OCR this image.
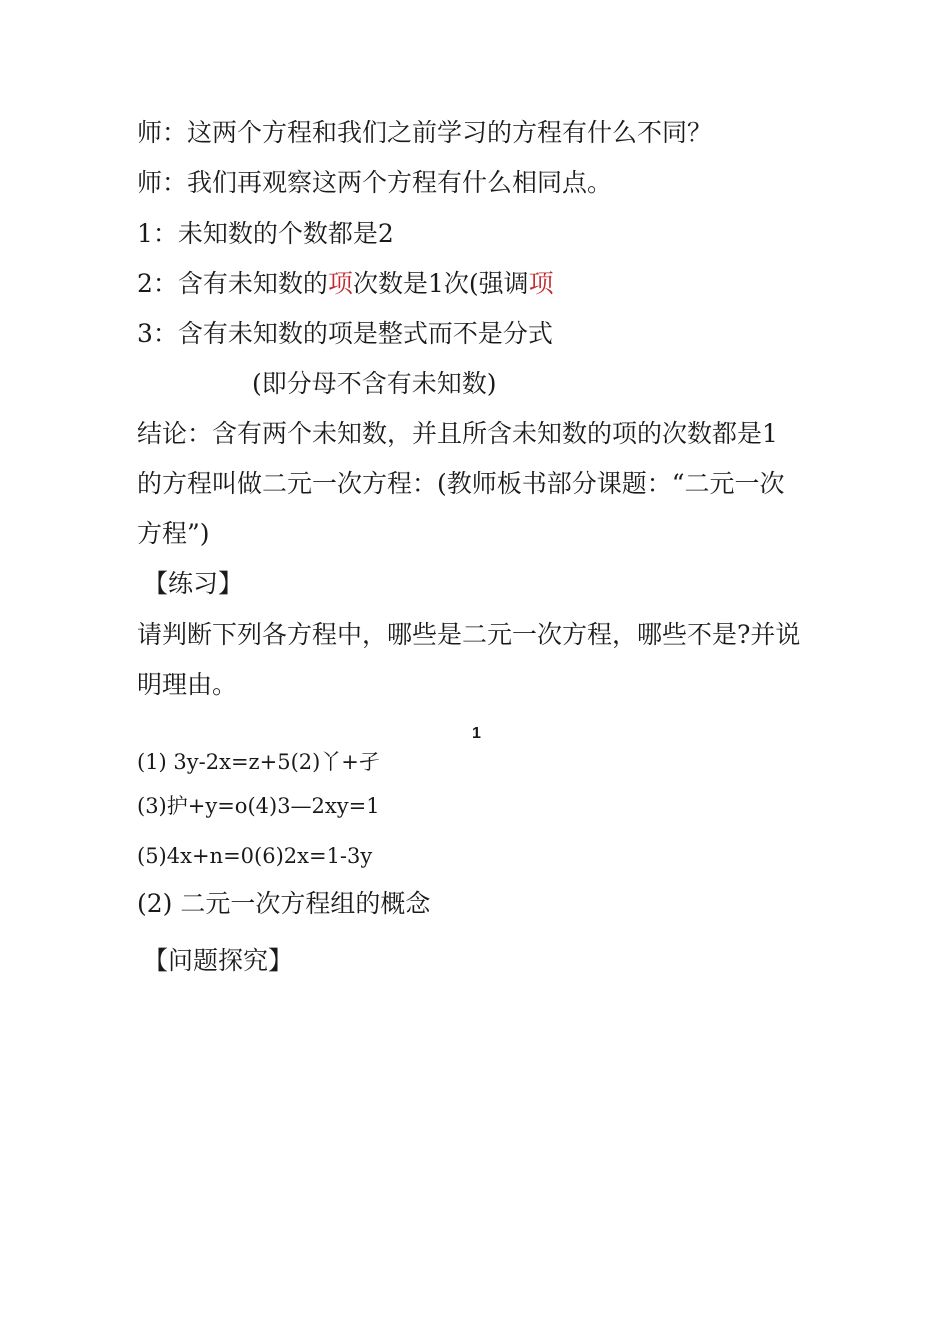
师：这两个方程和我们之前学习的方程有什么不同？
师：我们再观察这两个方程有什么相同点。
1：未知数的个数都是2
2：含有未知数的项次数是1次(强调项
3：含有未知数的项是整式而不是分式
(即分母不含有未知数)
结论：含有两个未知数，并且所含未知数的项的次数都是1
的方程叫做二元一次方程：(教师板书部分课题：“二元一次
方程”)
【练习】
请判断下列各方程中，哪些是二元一次方程，哪些不是?并说
明理由。
1
(1) 3y-2x=z+5(2)丫+孑
(3)护+y=o(4)3—2xy=1
(5)4x+n=0(6)2x=1-3y
(2) 二元一次方程组的概念
【问题探究】
